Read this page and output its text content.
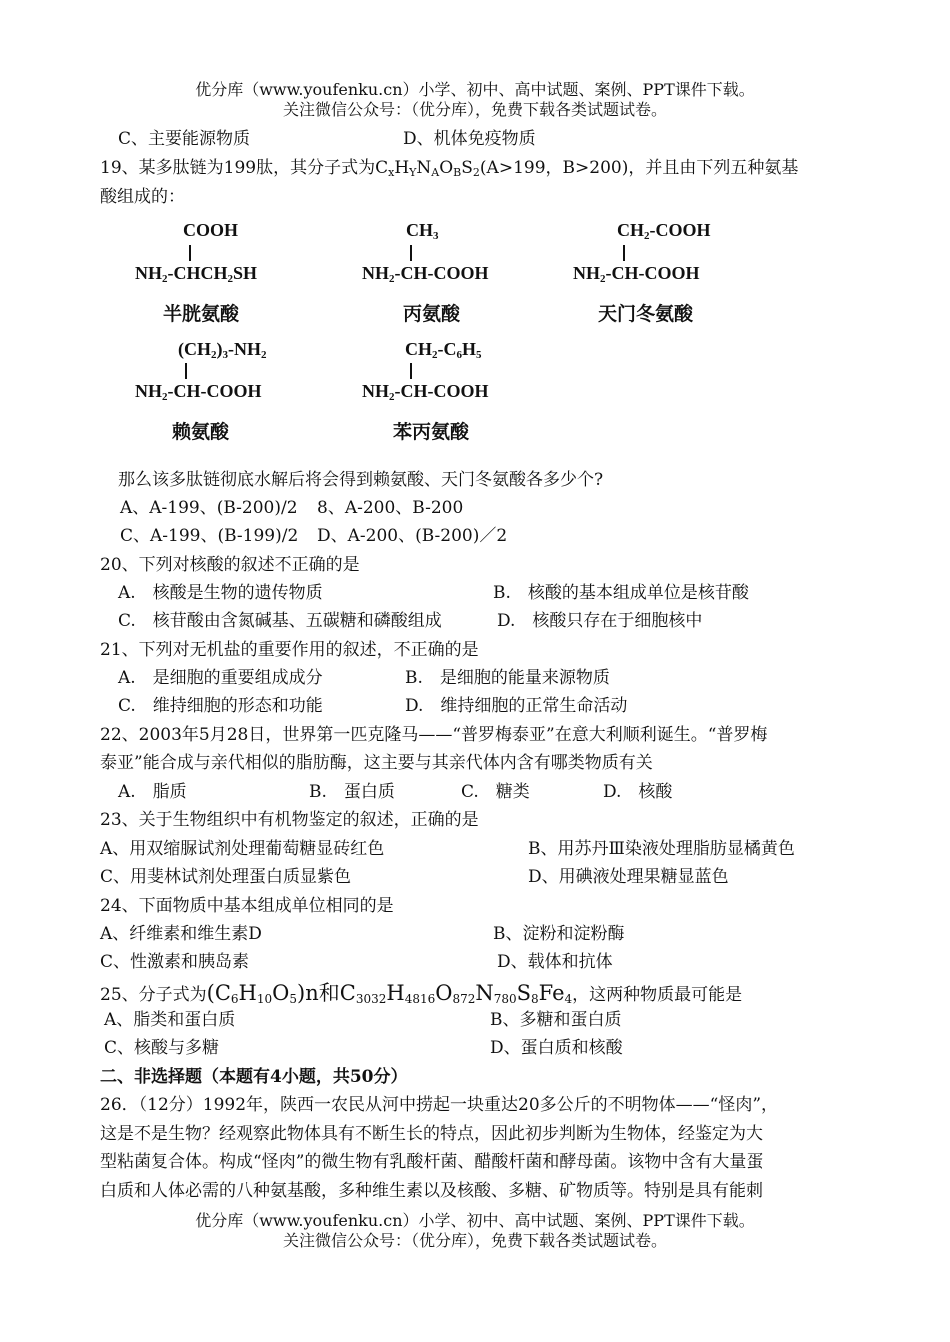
优分库（www.youfenku.cn）小学、初中、高中试题、案例、PPT课件下载。
关注微信公众号：（优分库），免费下载各类试题试卷。
C、主要能源物质	D、机体免疫物质
19、某多肽链为199肽，其分子式为$C_xH_YN_AO_BS_2(A>199$，B>200)，并且由下列五种氨基
酸组成的：
COOH
$NH_2-CHCH_2SH$
半胱氨酸
$CH_3$
$NH_2-CH$-COOH
丙氨酸
$CH_2$-COOH
$NH_2-CH$-COOH
天门冬氨酸
$(CH_2)_3-NH_2$
$NH_2-CH$-COOH
赖氨酸
$CH_2-C_6H_5$
$NH_2-CH$-COOH
苯丙氨酸
那么该多肽链彻底水解后将会得到赖氨酸、天门冬氨酸各多少个?
A、A-199、(B-200)/2 8、A-200、B-200
C、A-199、(B-199)/2 D、A-200、(B-200)／2
20、下列对核酸的叙述不正确的是
A.　核酸是生物的遗传物质	B.　核酸的基本组成单位是核苷酸
C.　核苷酸由含氮碱基、五碳糖和磷酸组成	D.　核酸只存在于细胞核中
21、下列对无机盐的重要作用的叙述，不正确的是
A.　是细胞的重要组成成分	B.　是细胞的能量来源物质
C.　维持细胞的形态和功能	D.　维持细胞的正常生命活动
22、2003年5月28日，世界第一匹克隆马——“普罗梅泰亚”在意大利顺利诞生。“普罗梅
泰亚”能合成与亲代相似的脂肪酶，这主要与其亲代体内含有哪类物质有关
A.　脂质	B.　蛋白质	C.　糖类	D.　核酸
23、关于生物组织中有机物鉴定的叙述，正确的是
A、用双缩脲试剂处理葡萄糖显砖红色	B、用苏丹Ⅲ染液处理脂肪显橘黄色
C、用斐林试剂处理蛋白质显紫色	D、用碘液处理果糖显蓝色
24、下面物质中基本组成单位相同的是
A、纤维素和维生素D	B、淀粉和淀粉酶
C、性激素和胰岛素	D、载体和抗体
25、分子式为$(C_6H_{10}O_5)n$和$C_{3032}H_{4816}O_{872}N_{780}S_8Fe_4$，这两种物质最可能是
A、脂类和蛋白质	B、多糖和蛋白质
C、核酸与多糖	D、蛋白质和核酸
二、非选择题（本题有4小题，共50分）
26．（12分）1992年，陕西一农民从河中捞起一块重达20多公斤的不明物体——“怪肉”，
这是不是生物？经观察此物体具有不断生长的特点，因此初步判断为生物体，经鉴定为大
型粘菌复合体。构成“怪肉”的微生物有乳酸杆菌、醋酸杆菌和酵母菌。该物中含有大量蛋
白质和人体必需的八种氨基酸，多种维生素以及核酸、多糖、矿物质等。特别是具有能刺
优分库（www.youfenku.cn）小学、初中、高中试题、案例、PPT课件下载。
关注微信公众号：（优分库），免费下载各类试题试卷。
